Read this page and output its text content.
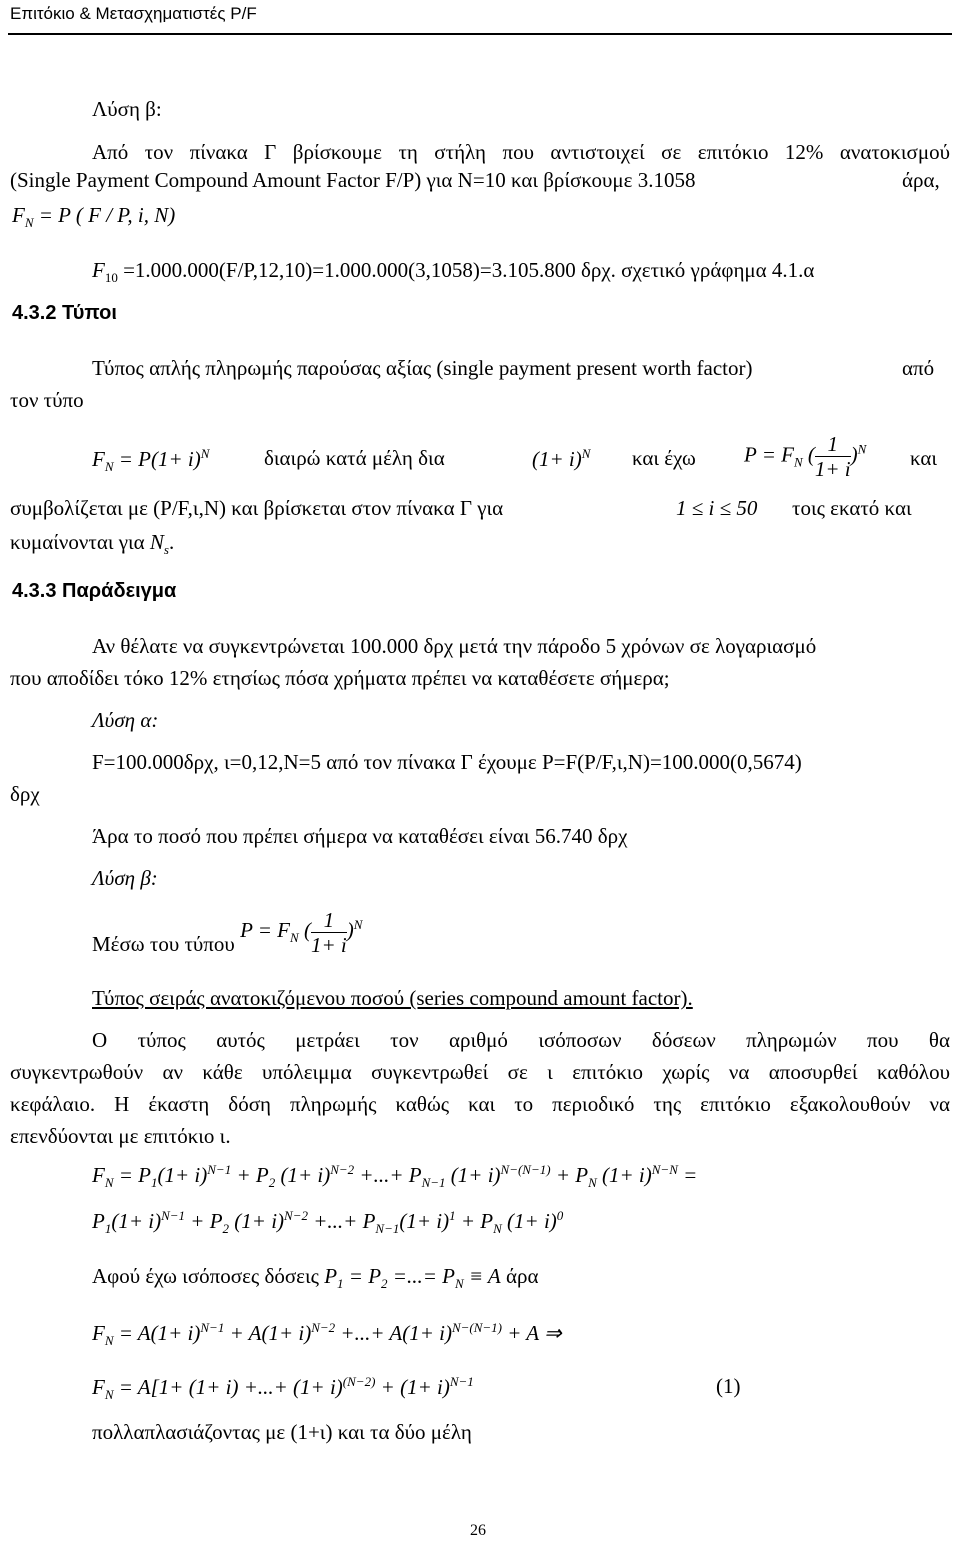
Επιτόκιο & Μετασχηματιστές P/F
Λύση β:
Από τον πίνακα Γ βρίσκουμε τη στήλη που αντιστοιχεί σε επιτόκιο 12% ανατοκισμού
(Single Payment Compound Amount Factor F/P) για Ν=10 και βρίσκουμε 3.1058	άρα,
$F_N = P$ ( F / P, i, N)
$F_{10} =1.000.000(F/P,12,10)=1.000.000(3,1058)=3.105.800$ δρχ. σχετικό γράφημα 4.1.α
4.3.2 Τύποι
Τύπος απλής πληρωμής παρούσας αξίας (single payment present worth factor)	από
τον τύπο
$F_N = P(1+ i)^N$	διαιρώ κατά μέλη δια	$(1+ i)^N$ και έχω $P = F_N$ ( $\frac{1}{1+ i} )^N$ και
συμβολίζεται με (P/F,ι,Ν) και βρίσκεται στον πίνακα Γ για	1 ≤ i ≤ 50 τοις εκατό και
κυμαίνονται για $N_s$.
4.3.3 Παράδειγμα
Αν θέλατε να συγκεντρώνεται 100.000 δρχ μετά την πάροδο 5 χρόνων σε λογαριασμό
που αποδίδει τόκο 12% ετησίως πόσα χρήματα πρέπει να καταθέσετε σήμερα;
Λύση α:
F=100.000δρχ, ι=0,12,Ν=5 από τον πίνακα Γ έχουμε P=F(P/F,ι,N)=100.000(0,5674)
δρχ
Άρα το ποσό που πρέπει σήμερα να καταθέσει είναι 56.740 δρχ
Λύση β:
Μέσω του τύπου $P = F_N$ ( $\frac{1}{1+ i} )^N$
Τύπος σειράς ανατοκιζόμενου ποσού (series compound amount factor).
Ο τύπος αυτός μετράει τον αριθμό ισόποσων δόσεων πληρωμών που θα
συγκεντρωθούν αν κάθε υπόλειμμα συγκεντρωθεί σε ι επιτόκιο χωρίς να αποσυρθεί καθόλου
κεφάλαιο. Η έκαστη δόση πληρωμής καθώς και το περιοδικό της επιτόκιο εξακολουθούν να
επενδύονται με επιτόκιο ι.
$F_N = P_1(1+ i)^{N-1} + P_2$ $(1+ i)^{N-2}$ +...+ $P_{N-1}$ $(1+ i)^{N-(N-1)} + P_N$ $(1+ i)^{N-N}$ =
$P_1(1+ i)^{N-1} + P_2$ $(1+ i)^{N-2}$ +...+ $P_{N-1}(1+ i)^1 + P_N$ $(1+ i)^0$
Αφού έχω ισόποσες δόσεις $P_1 = P_2$ =...= $P_N \equiv A$ άρα
$F_N = A(1+ i)^{N-1} + A(1+ i)^{N-2}$ +...+ $A(1+ i)^{N-(N-1)} + A$ ⇒
$F_N = A[1+ (1+ i)$ +...+ $(1+ i)^{(N-2)} + (1+ i)^{N-1}$	(1)
πολλαπλασιάζοντας με (1+ι) και τα δύο μέλη
26
